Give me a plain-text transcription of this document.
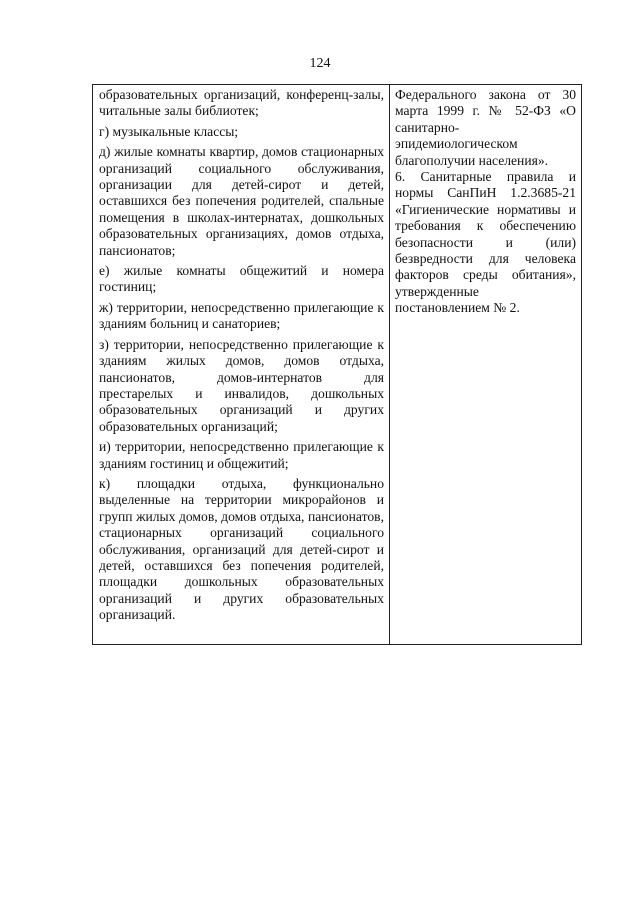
124

образовательных организаций, конференц-залы, читальные залы библиотек;

г) музыкальные классы;

д) жилые комнаты квартир, домов стационарных организаций социального обслуживания, организации для детей-сирот и детей, оставшихся без попечения родителей, спальные помещения в школах-интернатах, дошкольных образовательных организациях, домов отдыха, пансионатов;

е) жилые комнаты общежитий и номера гостиниц;

ж) территории, непосредственно прилегающие к зданиям больниц и санаториев;

з) территории, непосредственно прилегающие к зданиям жилых домов, домов отдыха, пансионатов, домов-интернатов для престарелых и инвалидов, дошкольных образовательных организаций и других образовательных организаций;

и) территории, непосредственно прилегающие к зданиям гостиниц и общежитий;

к) площадки отдыха, функционально выделенные на территории микрорайонов и групп жилых домов, домов отдыха, пансионатов, стационарных организаций социального обслуживания, организаций для детей-сирот и детей, оставшихся без попечения родителей, площадки дошкольных образовательных организаций и других образовательных организаций.

Федерального закона от 30 марта 1999 г. № 52-ФЗ «О санитарно-эпидемиологическом благополучии населения».

6. Санитарные правила и нормы СанПиН 1.2.3685-21 «Гигиенические нормативы и требования к обеспечению безопасности и (или) безвредности для человека факторов среды обитания», утвержденные постановлением № 2.
